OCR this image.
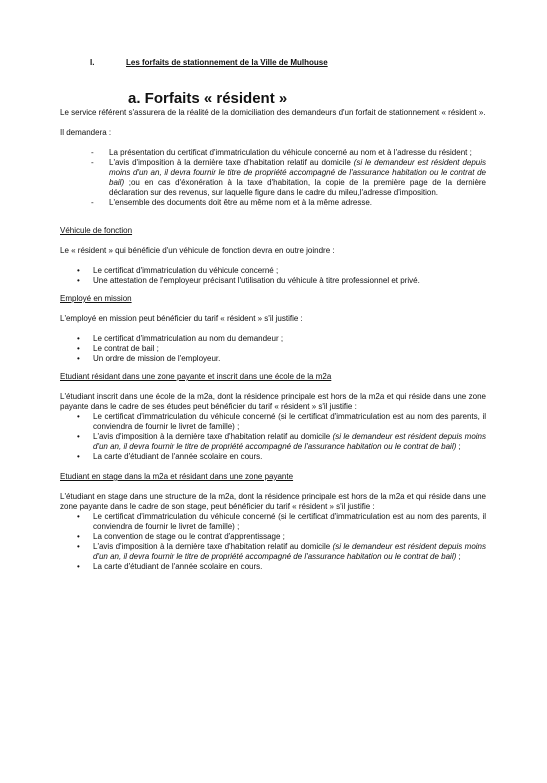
I.	Les forfaits de stationnement de la Ville de Mulhouse
a. Forfaits « résident »

Le service référent s'assurera de la réalité de la domiciliation des demandeurs d'un forfait de stationnement « résident ».

Il demandera :

- La présentation du certificat d'immatriculation du véhicule concerné au nom et à l'adresse du résident ;
- L'avis d'imposition à la dernière taxe d'habitation relatif au domicile (si le demandeur est résident depuis moins d'un an, il devra fournir le titre de propriété accompagné de l'assurance habitation ou le contrat de bail) ;ou en cas d'éxonération à la taxe d'habitation, la copie de la première page de la dernière déclaration sur des revenus, sur laquelle figure dans le cadre du mileu,l'adresse d'imposition.
- L'ensemble des documents doit être au même nom et à la même adresse.

Véhicule de fonction

Le « résident » qui bénéficie d'un véhicule de fonction devra en outre joindre :

• Le certificat d'immatriculation du véhicule concerné ;
• Une attestation de l'employeur précisant l'utilisation du véhicule à titre professionnel et privé.

Employé en mission

L'employé en mission peut bénéficier du tarif « résident » s'il justifie :

• Le certificat d'immatriculation au nom du demandeur ;
• Le contrat de bail ;
• Un ordre de mission de l'employeur.

Etudiant résidant dans une zone payante et inscrit dans une école de la m2a

L'étudiant inscrit dans une école de la m2a, dont la résidence principale est hors de la m2a et qui réside dans une zone payante dans le cadre de ses études peut bénéficier du tarif « résident » s'il justifie :

• Le certificat d'immatriculation du véhicule concerné (si le certificat d'immatriculation est au nom des parents, il conviendra de fournir le livret de famille) ;
• L'avis d'imposition à la dernière taxe d'habitation relatif au domicile (si le demandeur est résident depuis moins d'un an, il devra fournir le titre de propriété accompagné de l'assurance habitation ou le contrat de bail) ;
• La carte d'étudiant de l'année scolaire en cours.

Etudiant en stage dans la m2a et résidant dans une zone payante

L'étudiant en stage dans une structure de la m2a, dont la résidence principale est hors de la m2a et qui réside dans une zone payante dans le cadre de son stage, peut bénéficier du tarif « résident » s'il justifie :

• Le certificat d'immatriculation du véhicule concerné (si le certificat d'immatriculation est au nom des parents, il conviendra de fournir le livret de famille) ;
• La convention de stage ou le contrat d'apprentissage ;
• L'avis d'imposition à la dernière taxe d'habitation relatif au domicile (si le demandeur est résident depuis moins d'un an, il devra fournir le titre de propriété accompagné de l'assurance habitation ou le contrat de bail) ;
• La carte d'étudiant de l'année scolaire en cours.
